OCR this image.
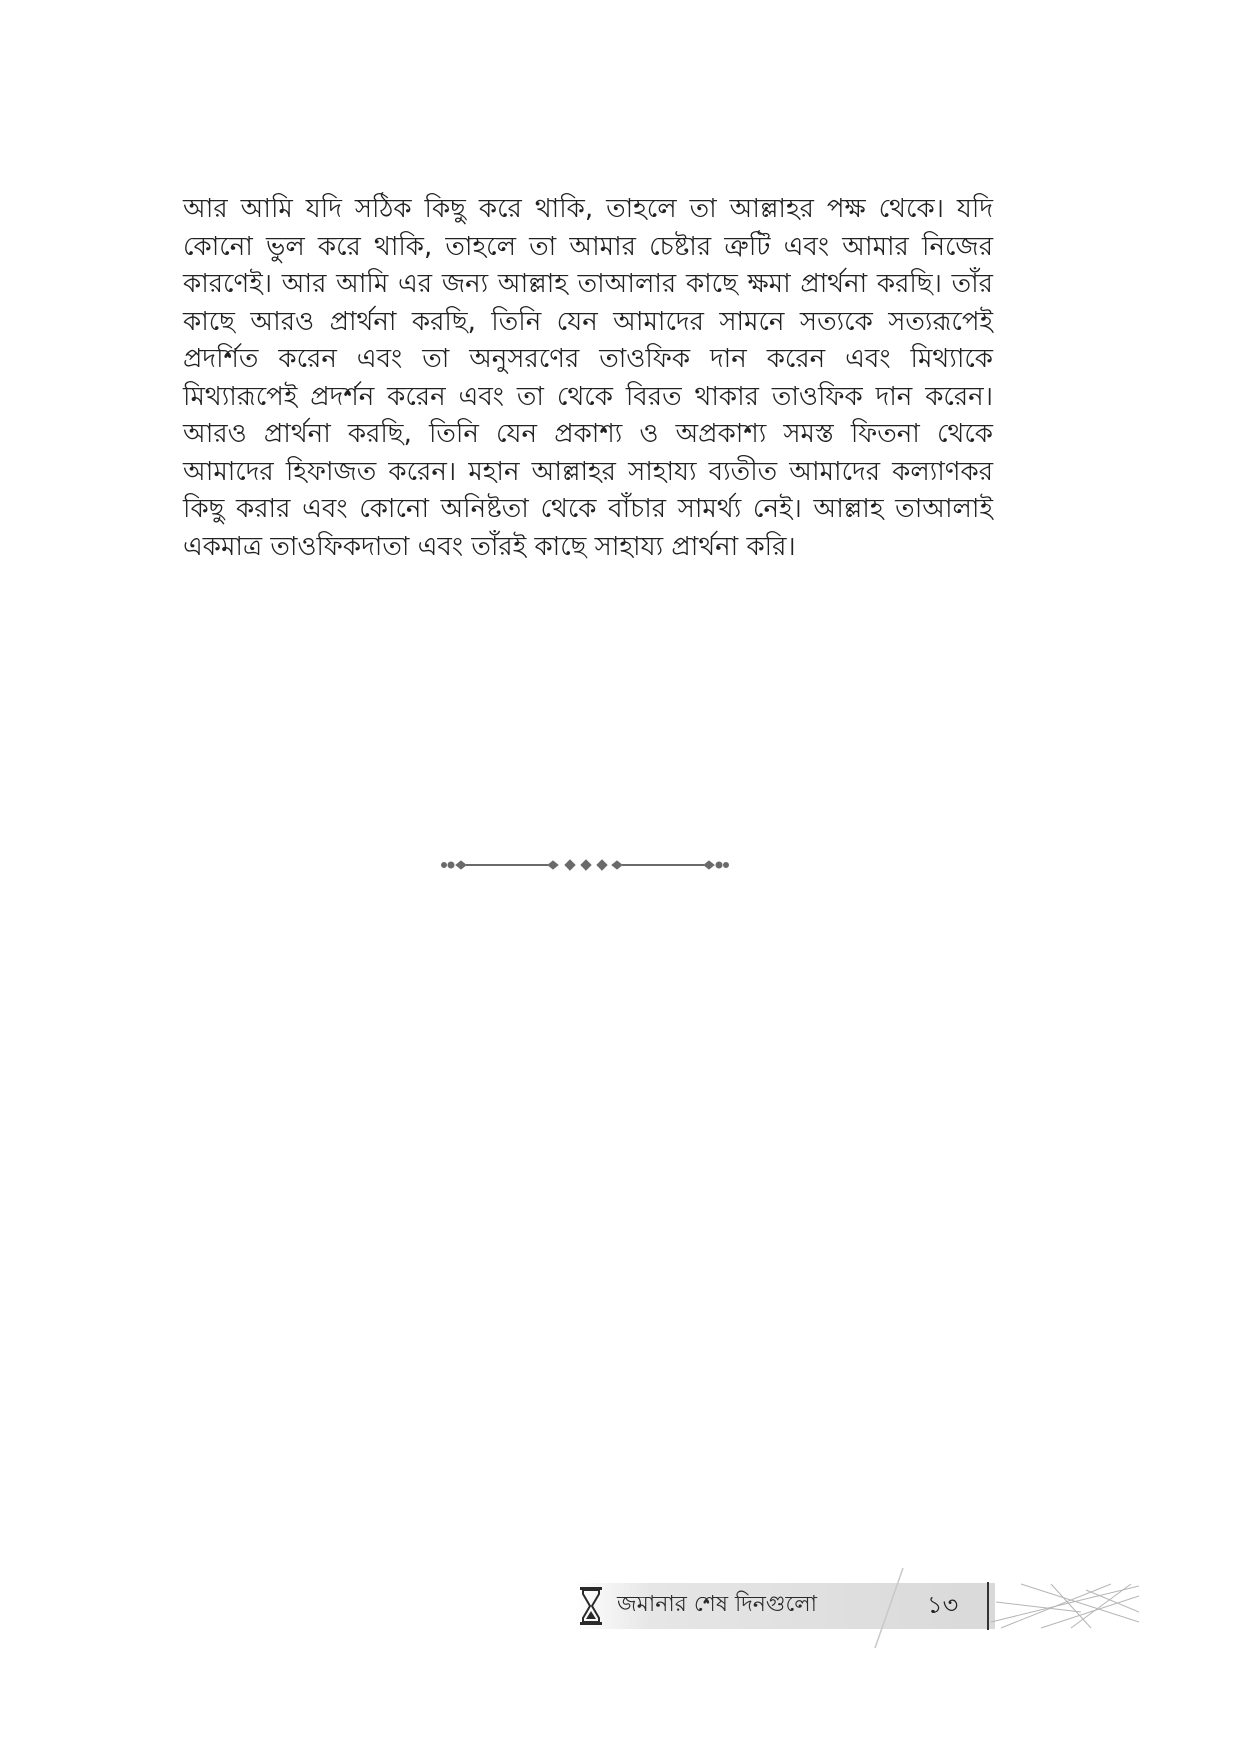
আর আমি যদি সঠিক কিছু করে থাকি, তাহলে তা আল্লাহর পক্ষ থেকে। যদি কোনো ভুল করে থাকি, তাহলে তা আমার চেষ্টার ত্রুটি এবং আমার নিজের কারণেই। আর আমি এর জন্য আল্লাহ তাআলার কাছে ক্ষমা প্রার্থনা করছি। তাঁর কাছে আরও প্রার্থনা করছি, তিনি যেন আমাদের সামনে সত্যকে সত্যরূপেই প্রদর্শিত করেন এবং তা অনুসরণের তাওফিক দান করেন এবং মিথ্যাকে মিথ্যারূপেই প্রদর্শন করেন এবং তা থেকে বিরত থাকার তাওফিক দান করেন। আরও প্রার্থনা করছি, তিনি যেন প্রকাশ্য ও অপ্রকাশ্য সমস্ত ফিতনা থেকে আমাদের হিফাজত করেন। মহান আল্লাহর সাহায্য ব্যতীত আমাদের কল্যাণকর কিছু করার এবং কোনো অনিষ্টতা থেকে বাঁচার সামর্থ্য নেই। আল্লাহ তাআলাই একমাত্র তাওফিকদাতা এবং তাঁরই কাছে সাহায্য প্রার্থনা করি।

জমানার শেষ দিনগুলো	১৩
